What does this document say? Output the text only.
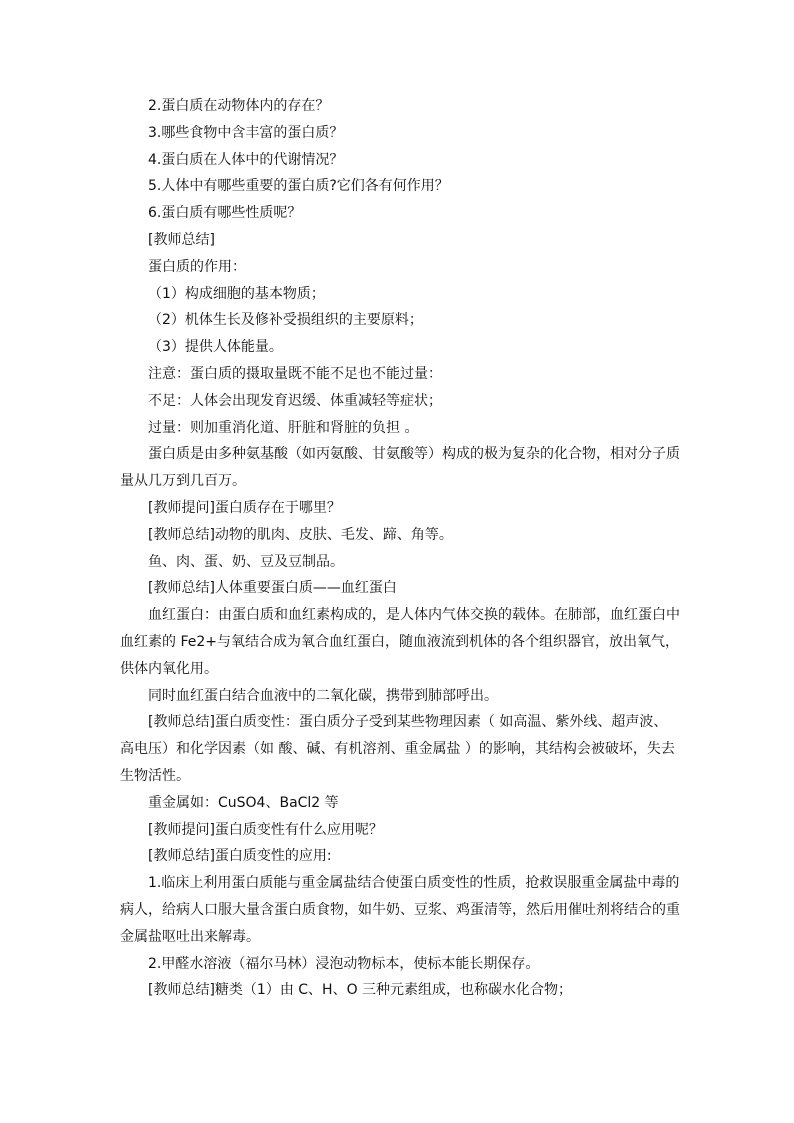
2.蛋白质在动物体内的存在？

3.哪些食物中含丰富的蛋白质？

4.蛋白质在人体中的代谢情况？

5.人体中有哪些重要的蛋白质?它们各有何作用？

6.蛋白质有哪些性质呢？

[教师总结]

蛋白质的作用：

（1）构成细胞的基本物质；

（2）机体生长及修补受损组织的主要原料；

（3）提供人体能量。

注意：蛋白质的摄取量既不能不足也不能过量：

不足：人体会出现发育迟缓、体重减轻等症状；

过量：则加重消化道、肝脏和肾脏的负担 。

蛋白质是由多种氨基酸（如丙氨酸、甘氨酸等）构成的极为复杂的化合物，相对分子质

量从几万到几百万。

[教师提问]蛋白质存在于哪里？

[教师总结]动物的肌肉、皮肤、毛发、蹄、角等。

鱼、肉、蛋、奶、豆及豆制品。

[教师总结]人体重要蛋白质——血红蛋白

血红蛋白：由蛋白质和血红素构成的，是人体内气体交换的载体。在肺部，血红蛋白中

血红素的 Fe2+与氧结合成为氧合血红蛋白，随血液流到机体的各个组织器官，放出氧气，

供体内氧化用。

同时血红蛋白结合血液中的二氧化碳，携带到肺部呼出。

[教师总结]蛋白质变性：蛋白质分子受到某些物理因素（ 如高温、紫外线、超声波、

高电压）和化学因素（如 酸、碱、有机溶剂、重金属盐 ）的影响，其结构会被破坏，失去

生物活性。

重金属如：CuSO4、BaCl2 等

[教师提问]蛋白质变性有什么应用呢？

[教师总结]蛋白质变性的应用:

1.临床上利用蛋白质能与重金属盐结合使蛋白质变性的性质，抢救误服重金属盐中毒的

病人，给病人口服大量含蛋白质食物，如牛奶、豆浆、鸡蛋清等，然后用催吐剂将结合的重

金属盐呕吐出来解毒。

2.甲醛水溶液（福尔马林）浸泡动物标本，使标本能长期保存。

[教师总结]糖类（1）由 C、H、O 三种元素组成，也称碳水化合物；
